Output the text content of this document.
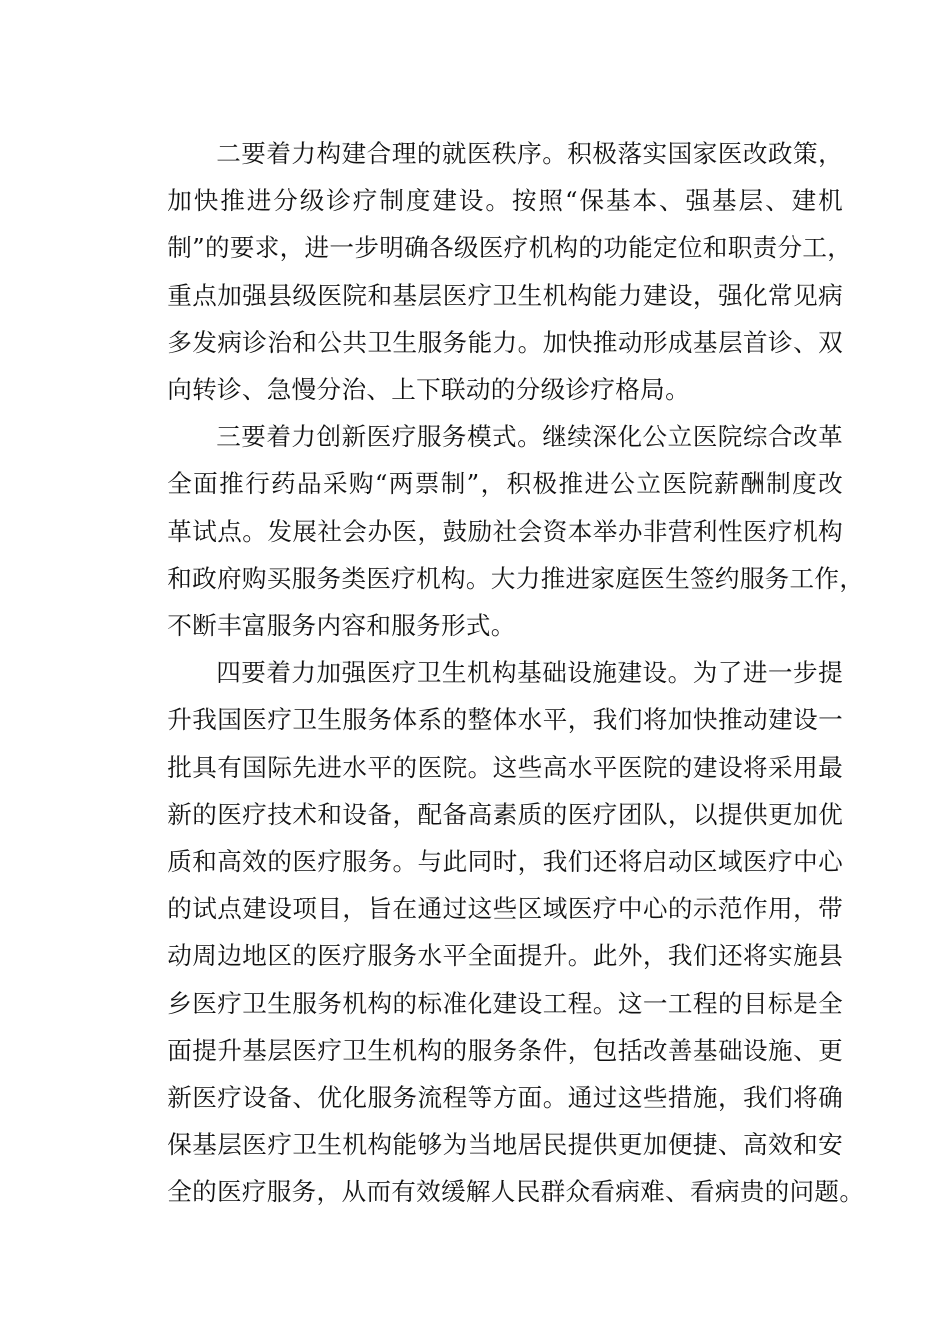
二要着力构建合理的就医秩序。积极落实国家医改政策，
加快推进分级诊疗制度建设。按照“保基本、强基层、建机
制”的要求，进一步明确各级医疗机构的功能定位和职责分工，
重点加强县级医院和基层医疗卫生机构能力建设，强化常见病
多发病诊治和公共卫生服务能力。加快推动形成基层首诊、双
向转诊、急慢分治、上下联动的分级诊疗格局。
三要着力创新医疗服务模式。继续深化公立医院综合改革
全面推行药品采购“两票制”，积极推进公立医院薪酬制度改
革试点。发展社会办医，鼓励社会资本举办非营利性医疗机构
和政府购买服务类医疗机构。大力推进家庭医生签约服务工作，
不断丰富服务内容和服务形式。
四要着力加强医疗卫生机构基础设施建设。为了进一步提
升我国医疗卫生服务体系的整体水平，我们将加快推动建设一
批具有国际先进水平的医院。这些高水平医院的建设将采用最
新的医疗技术和设备，配备高素质的医疗团队，以提供更加优
质和高效的医疗服务。与此同时，我们还将启动区域医疗中心
的试点建设项目，旨在通过这些区域医疗中心的示范作用，带
动周边地区的医疗服务水平全面提升。此外，我们还将实施县
乡医疗卫生服务机构的标准化建设工程。这一工程的目标是全
面提升基层医疗卫生机构的服务条件，包括改善基础设施、更
新医疗设备、优化服务流程等方面。通过这些措施，我们将确
保基层医疗卫生机构能够为当地居民提供更加便捷、高效和安
全的医疗服务，从而有效缓解人民群众看病难、看病贵的问题。
